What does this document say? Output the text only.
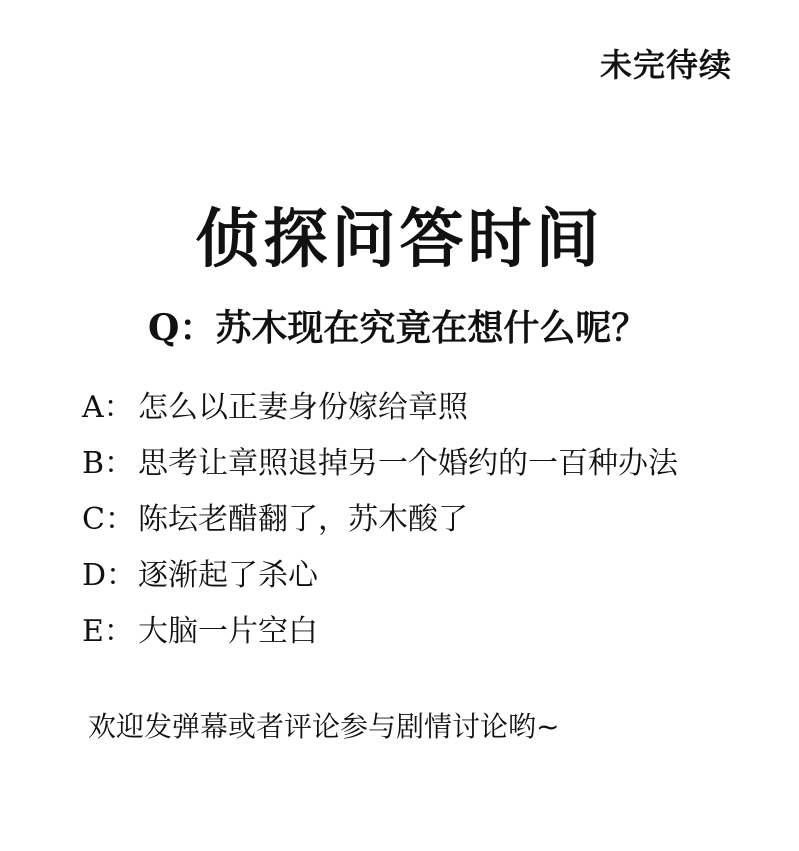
未完待续
侦探问答时间
Q：苏木现在究竟在想什么呢？
A： 怎么以正妻身份嫁给章照
B： 思考让章照退掉另一个婚约的一百种办法
C： 陈坛老醋翻了，苏木酸了
D：逐渐起了杀心
E： 大脑一片空白
欢迎发弹幕或者评论参与剧情讨论哟~
